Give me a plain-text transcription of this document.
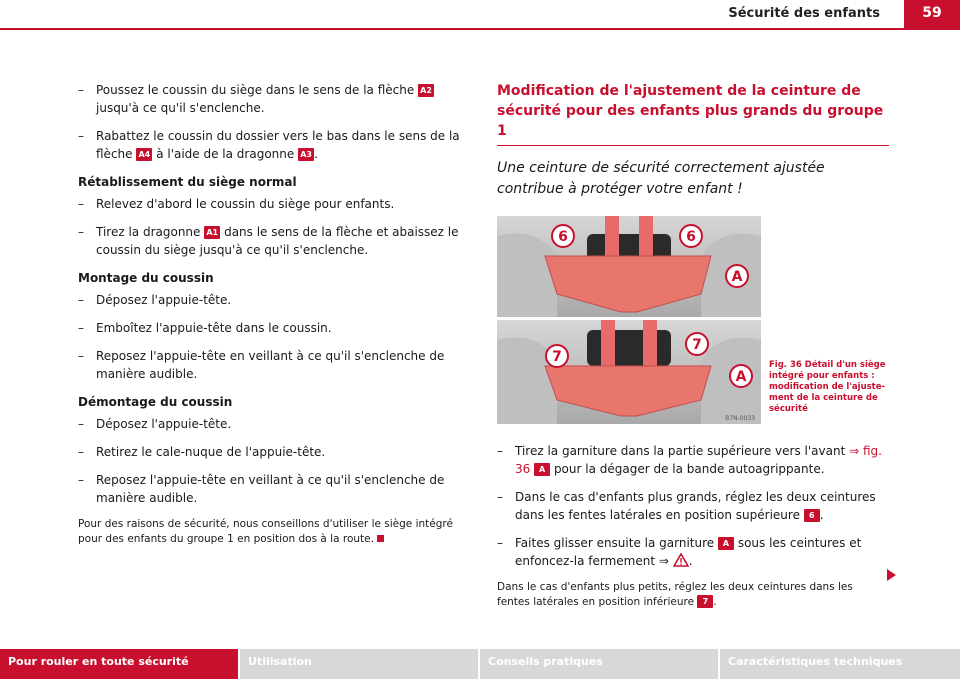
Sécurité des enfants	59

– Poussez le coussin du siège dans le sens de la flèche A2 jusqu'à ce qu'il s'enclenche.

– Rabattez le coussin du dossier vers le bas dans le sens de la flèche A4 à l'aide de la dragonne A3 .

Rétablissement du siège normal

– Relevez d'abord le coussin du siège pour enfants.

– Tirez la dragonne A1 dans le sens de la flèche et abaissez le coussin du siège jusqu'à ce qu'il s'enclenche.

Montage du coussin

– Déposez l'appuie-tête.

– Emboîtez l'appuie-tête dans le coussin.

– Reposez l'appuie-tête en veillant à ce qu'il s'enclenche de manière audible.

Démontage du coussin

– Déposez l'appuie-tête.

– Retirez le cale-nuque de l'appuie-tête.

– Reposez l'appuie-tête en veillant à ce qu'il s'enclenche de manière audible.

Pour des raisons de sécurité, nous conseillons d'utiliser le siège intégré pour des enfants du groupe 1 en position dos à la route.

Modification de l'ajustement de la ceinture de sécurité pour des enfants plus grands du groupe 1

Une ceinture de sécurité correctement ajustée contribue à protéger votre enfant !

6	6
A
7
7
A
B7N-0033
Fig. 36 Détail d'un siège intégré pour enfants : modification de l'ajuste-ment de la ceinture de sécurité

– Tirez la garniture dans la partie supérieure vers l'avant ⇒ fig. 36 A pour la dégager de la bande autoagrippante.

– Dans le cas d'enfants plus grands, réglez les deux ceintures dans les fentes latérales en position supérieure 6 .

– Faites glisser ensuite la garniture A sous les ceintures et enfoncez-la fermement ⇒ .

Dans le cas d'enfants plus petits, réglez les deux ceintures dans les fentes latérales en position inférieure 7 .

Pour rouler en toute sécurité	Utilisation	Conseils pratiques	Caractéristiques techniques
